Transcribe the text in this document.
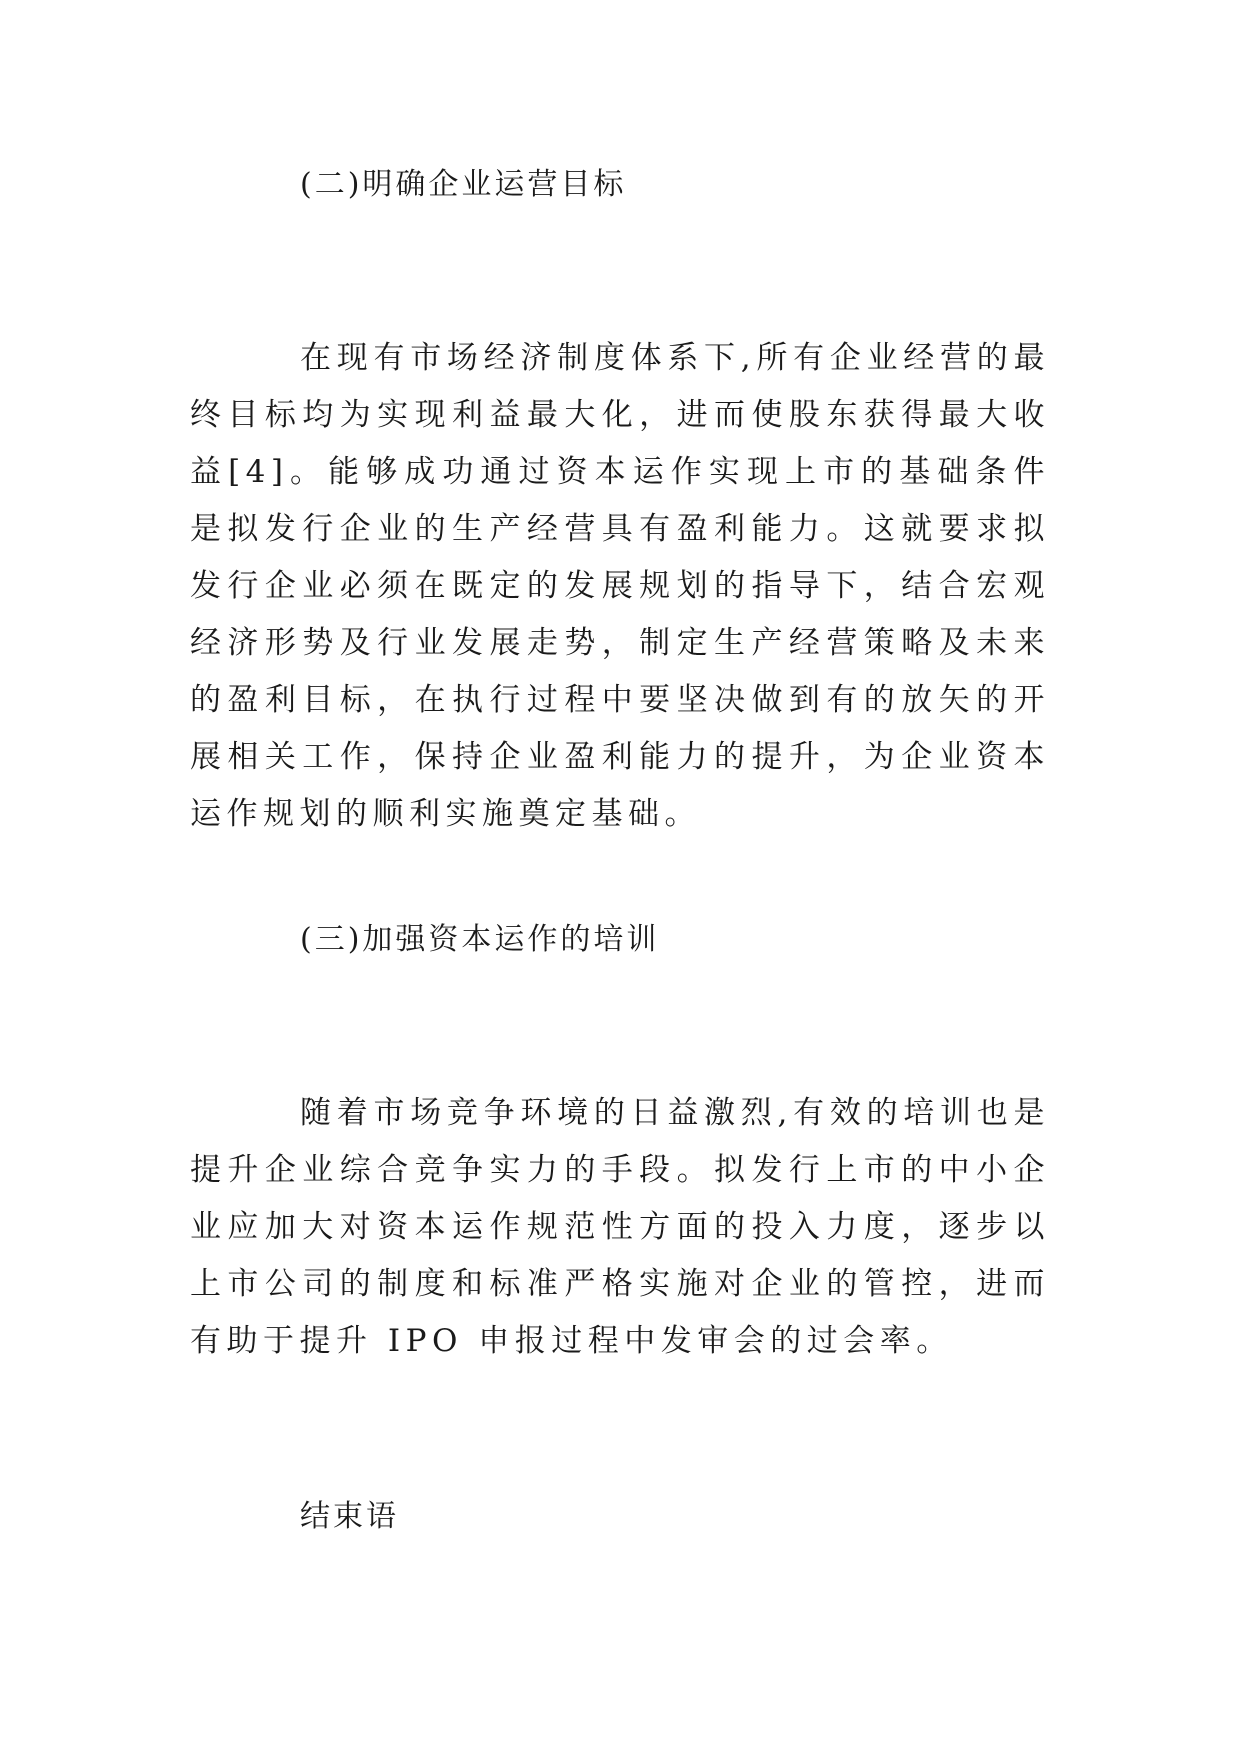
(二)明确企业运营目标

在现有市场经济制度体系下,所有企业经营的最终目标均为实现利益最大化，进而使股东获得最大收益[4]。能够成功通过资本运作实现上市的基础条件是拟发行企业的生产经营具有盈利能力。这就要求拟发行企业必须在既定的发展规划的指导下，结合宏观经济形势及行业发展走势，制定生产经营策略及未来的盈利目标，在执行过程中要坚决做到有的放矢的开展相关工作，保持企业盈利能力的提升，为企业资本运作规划的顺利实施奠定基础。

(三)加强资本运作的培训

随着市场竞争环境的日益激烈,有效的培训也是提升企业综合竞争实力的手段。拟发行上市的中小企业应加大对资本运作规范性方面的投入力度，逐步以上市公司的制度和标准严格实施对企业的管控，进而有助于提升 IPO 申报过程中发审会的过会率。

结束语
